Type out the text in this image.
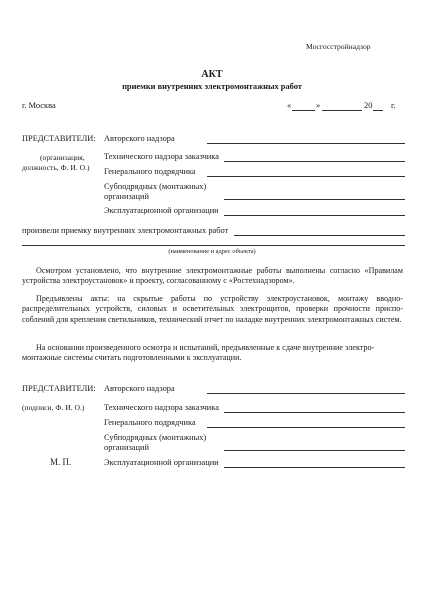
Мосгосстройнадзор
АКТ
приемки внутренних электромонтажных работ
г. Москва	«	»	20 г.
ПРЕДСТАВИТЕЛИ:
(организация,
должность, Ф. И. О.)
Авторского надзора
Технического надзора заказчика
Генерального подрядчика
Субподрядных (монтажных)
организаций
Эксплуатационной организации
произвели приемку внутренних электромонтажных работ
(наименование и адрес объекта)
Осмотром установлено, что внутренние электромонтажные работы выполнены согласно «Правилам устройства электроустановок» и проекту, согласованному с «Ростехнадзором».
Предъявлены акты: на скрытые работы по устройству электроустановок, монтажу вводно-распределительных устройств, силовых и осветительных электрощитов, проверки прочности приспособлений для крепления светильников, технический отчет по наладке внутренних электромонтажных систем.
На основании произведенного осмотра и испытаний, предъявленные к сдаче внутренние электро-
монтажные системы считать подготовленными к эксплуатации.
ПРЕДСТАВИТЕЛИ:
(подписи, Ф. И. О.)
Авторского надзора
Технического надзора заказчика
Генерального подрядчика
Субподрядных (монтажных)
организаций
М. П.	Эксплуатационной организации
